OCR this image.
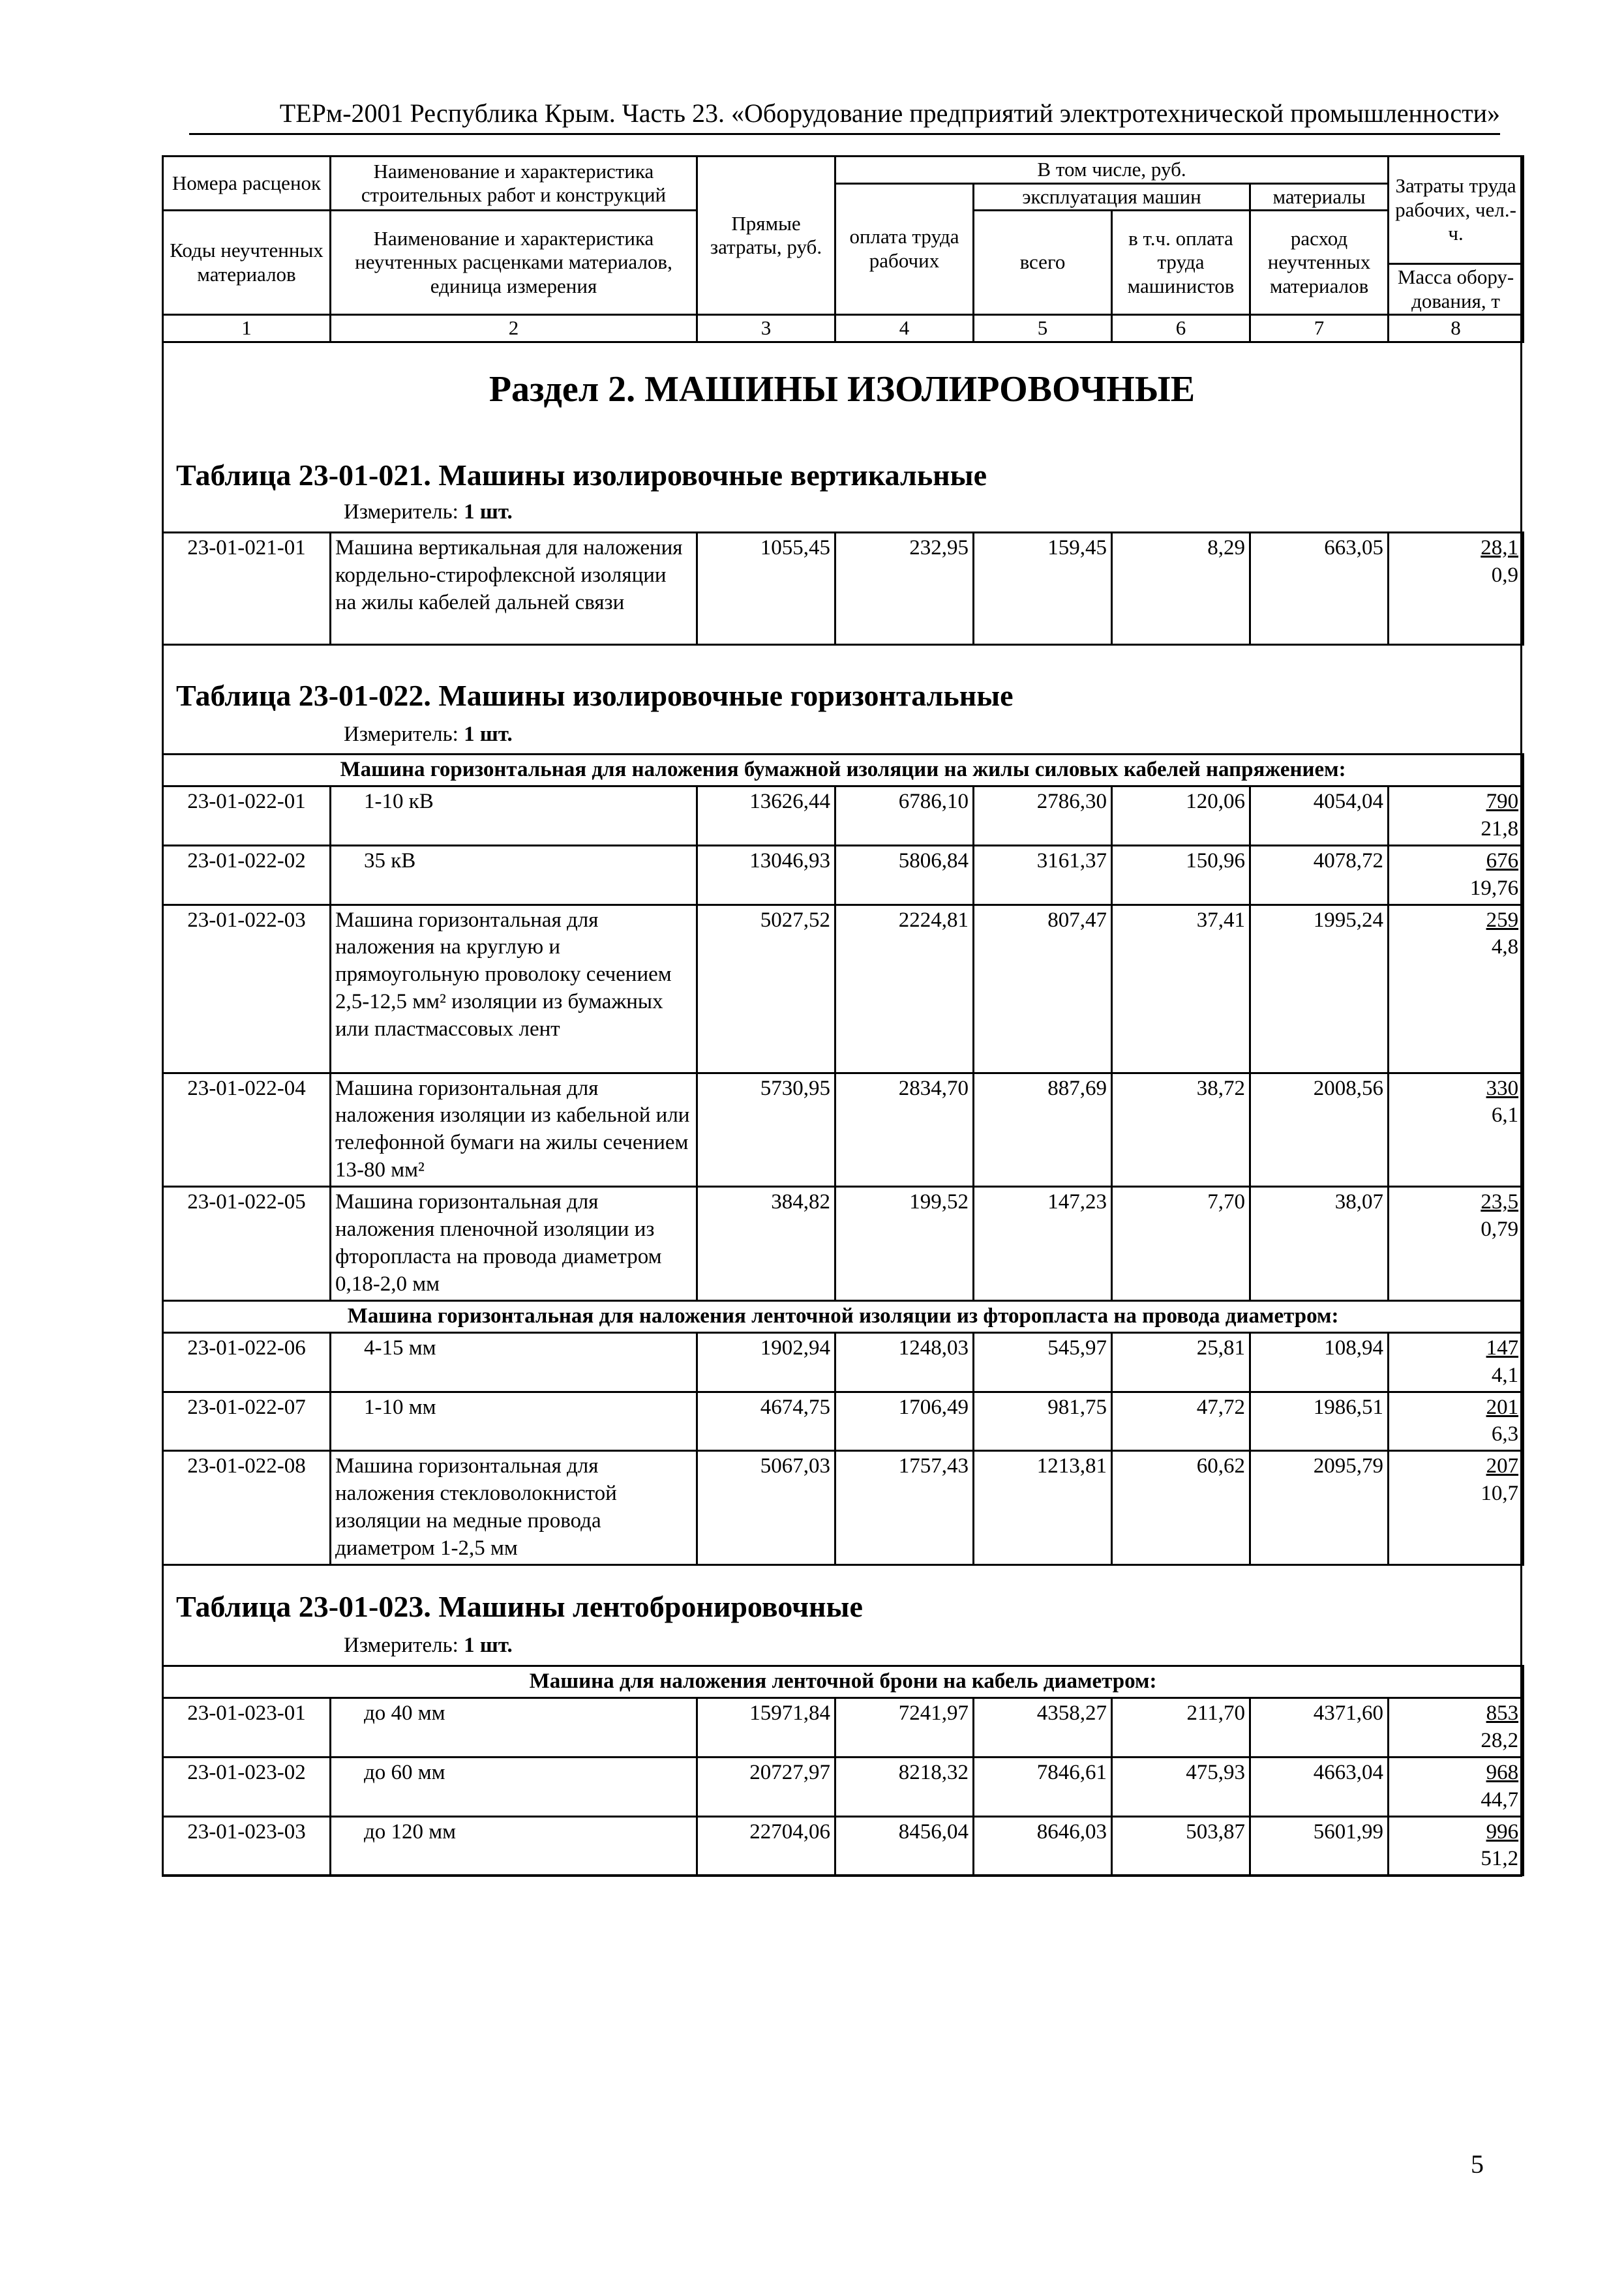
ТЕРм-2001 Республика Крым. Часть 23. «Оборудование предприятий электротехнической промышленности»
Номера расценок	Наименование и характеристика строительных работ и конструкций	Прямые затраты, руб.	В том числе, руб.				Затраты труда рабочих, чел.-ч.
			оплата труда рабочих	эксплуатация машин		материалы	
Коды неучтенных материалов	Наименование и характеристика неучтенных расценками материалов, единица измерения			всего	в т.ч. оплата труда машинистов	расход неучтенных материалов	
							Масса обору-дования, т
1	2	3	4	5	6	7	8
Раздел 2. МАШИНЫ ИЗОЛИРОВОЧНЫЕ
Таблица 23-01-021. Машины изолировочные вертикальные
Измеритель: 1 шт.
23-01-021-01	Машина вертикальная для наложения кордельно-стирофлексной изоляции на жилы кабелей дальней связи	1055,45	232,95	159,45	8,29	663,05	28,1
0,9
Таблица 23-01-022. Машины изолировочные горизонтальные
Измеритель: 1 шт.
Машина горизонтальная для наложения бумажной изоляции на жилы силовых кабелей напряжением:							
23-01-022-01	1-10 кВ	13626,44	6786,10	2786,30	120,06	4054,04	790
21,8
23-01-022-02	35 кВ	13046,93	5806,84	3161,37	150,96	4078,72	676
19,76
23-01-022-03	Машина горизонтальная для наложения на круглую и прямоугольную проволоку сечением 2,5-12,5 мм² изоляции из бумажных или пластмассовых лент	5027,52	2224,81	807,47	37,41	1995,24	259
4,8
23-01-022-04	Машина горизонтальная для наложения изоляции из кабельной или телефонной бумаги на жилы сечением 13-80 мм²	5730,95	2834,70	887,69	38,72	2008,56	330
6,1
23-01-022-05	Машина горизонтальная для наложения пленочной изоляции из фторопласта на провода диаметром 0,18-2,0 мм	384,82	199,52	147,23	7,70	38,07	23,5
0,79
Машина горизонтальная для наложения ленточной изоляции из фторопласта на провода диаметром:							
23-01-022-06	4-15 мм	1902,94	1248,03	545,97	25,81	108,94	147
4,1
23-01-022-07	1-10 мм	4674,75	1706,49	981,75	47,72	1986,51	201
6,3
23-01-022-08	Машина горизонтальная для наложения стекловолокнистой изоляции на медные провода диаметром 1-2,5 мм	5067,03	1757,43	1213,81	60,62	2095,79	207
10,7
Таблица 23-01-023. Машины лентобронировочные
Измеритель: 1 шт.
Машина для наложения ленточной брони на кабель диаметром:							
23-01-023-01	до 40 мм	15971,84	7241,97	4358,27	211,70	4371,60	853
28,2
23-01-023-02	до 60 мм	20727,97	8218,32	7846,61	475,93	4663,04	968
44,7
23-01-023-03	до 120 мм	22704,06	8456,04	8646,03	503,87	5601,99	996
51,2
5
